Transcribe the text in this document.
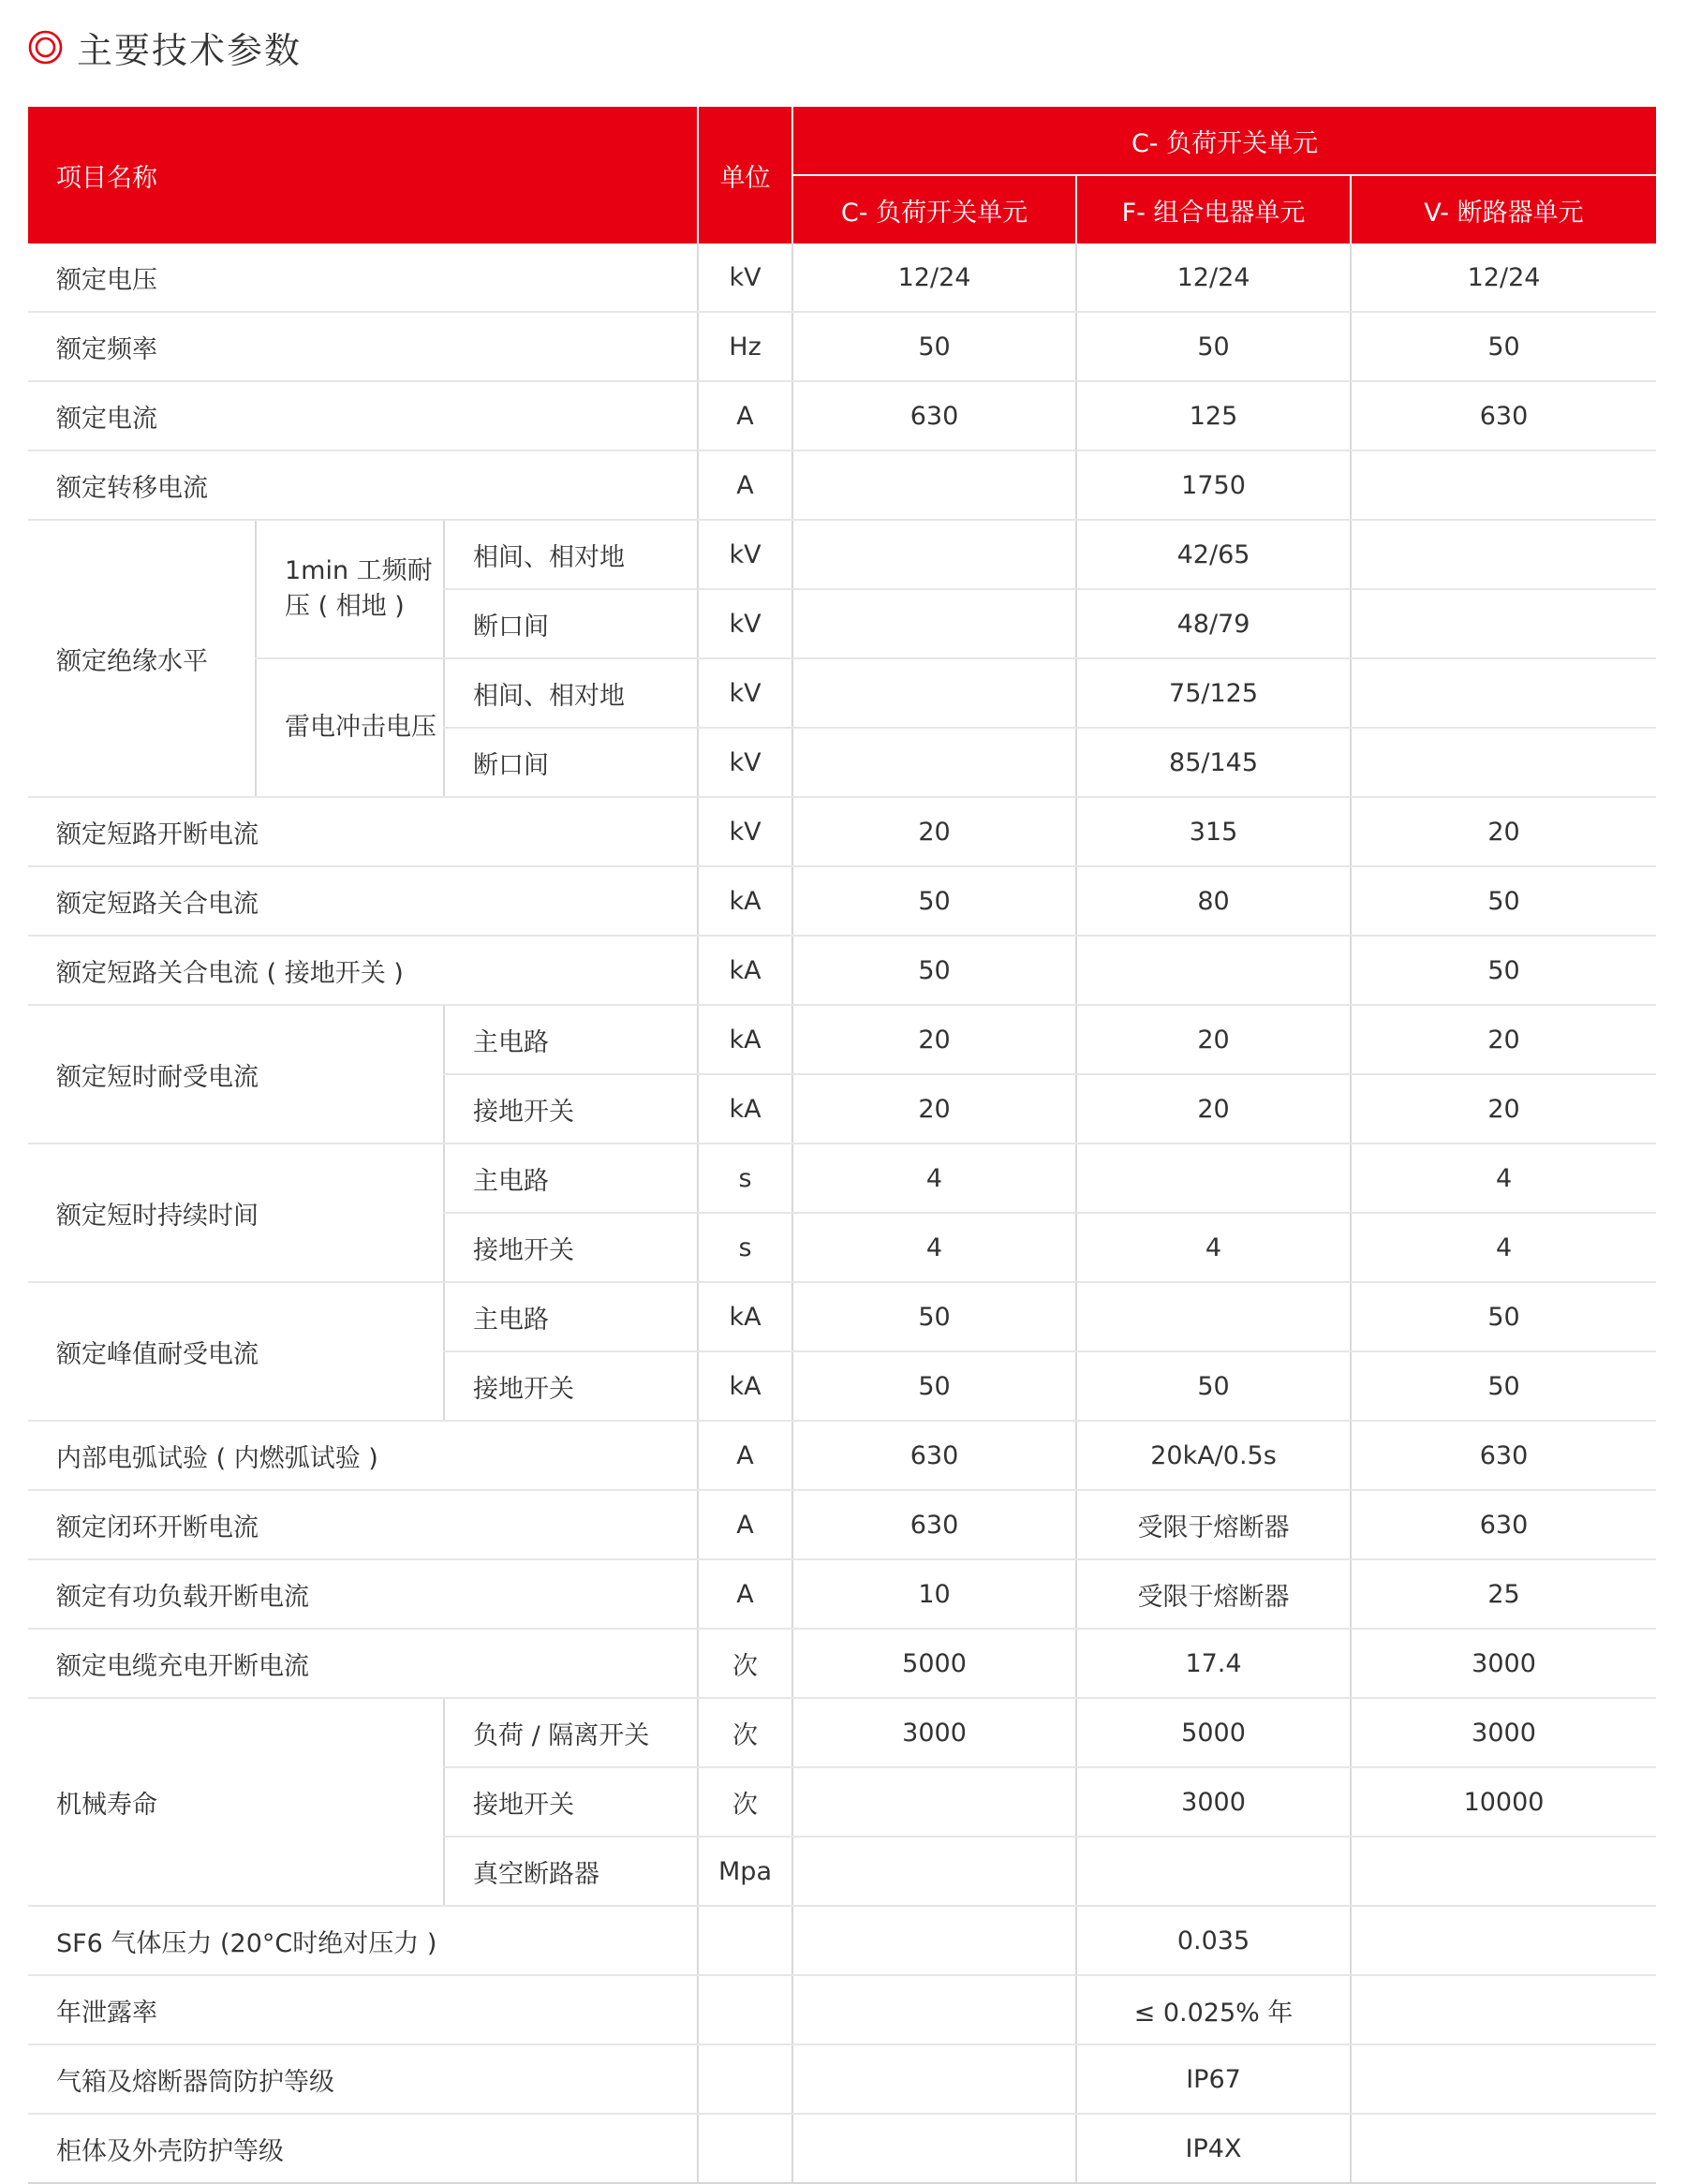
主要技术参数
项目名称			单位	C- 负荷开关单元		
				C- 负荷开关单元	F- 组合电器单元	V- 断路器单元
额定电压			kV	12/24	12/24	12/24
额定频率			Hz	50	50	50
额定电流			A	630	125	630
额定转移电流			A		1750	
额定绝缘水平	1min 工频耐压 ( 相地 )	相间、相对地	kV		42/65	
		断口间	kV		48/79	
	雷电冲击电压	相间、相对地	kV		75/125	
		断口间	kV		85/145	
额定短路开断电流			kV	20	315	20
额定短路关合电流			kA	50	80	50
额定短路关合电流 ( 接地开关 )			kA	50		50
额定短时耐受电流		主电路	kA	20	20	20
		接地开关	kA	20	20	20
额定短时持续时间		主电路	s	4		4
		接地开关	s	4	4	4
额定峰值耐受电流		主电路	kA	50		50
		接地开关	kA	50	50	50
内部电弧试验 ( 内燃弧试验 )			A	630	20kA/0.5s	630
额定闭环开断电流			A	630	受限于熔断器	630
额定有功负载开断电流			A	10	受限于熔断器	25
额定电缆充电开断电流			次	5000	17.4	3000
机械寿命		负荷 / 隔离开关	次	3000	5000	3000
		接地开关	次		3000	10000
		真空断路器	Mpa			
SF6 气体压力 (20°C时绝对压力 )					0.035	
年泄露率					≤ 0.025% 年	
气箱及熔断器筒防护等级					IP67	
柜体及外壳防护等级					IP4X	
